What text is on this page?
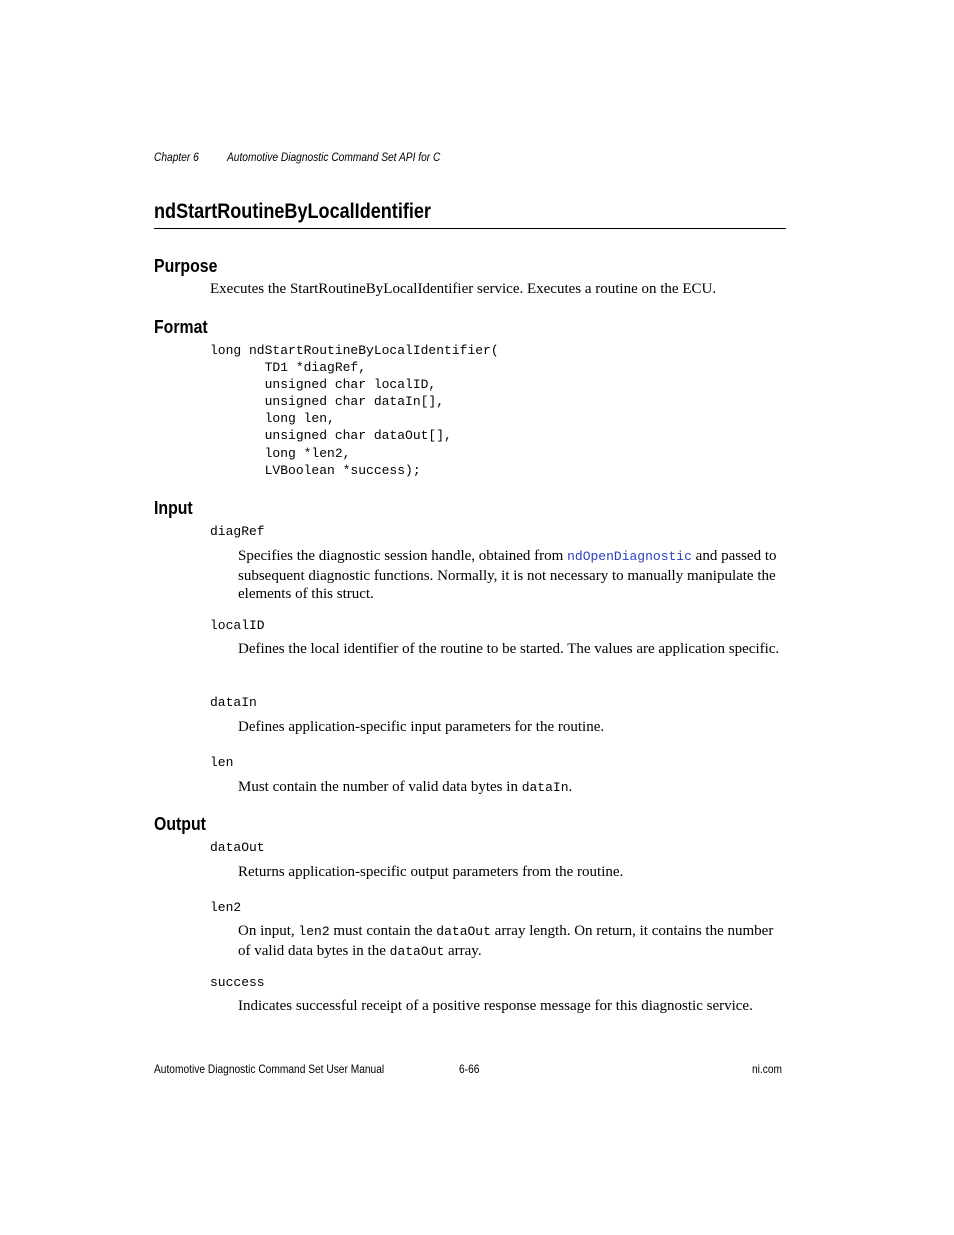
Chapter 6 Automotive Diagnostic Command Set API for C
ndStartRoutineByLocalIdentifier
Purpose
Executes the StartRoutineByLocalIdentifier service. Executes a routine on the ECU.
Format
long ndStartRoutineByLocalIdentifier(
TD1 *diagRef,
unsigned char localID,
unsigned char dataIn[],
long len,
unsigned char dataOut[],
long *len2,
LVBoolean *success);
Input
diagRef
Specifies the diagnostic session handle, obtained from ndOpenDiagnostic and passed to subsequent diagnostic functions. Normally, it is not necessary to manually manipulate the elements of this struct.
localID
Defines the local identifier of the routine to be started. The values are application specific.
dataIn
Defines application-specific input parameters for the routine.
len
Must contain the number of valid data bytes in dataIn.
Output
dataOut
Returns application-specific output parameters from the routine.
len2
On input, len2 must contain the dataOut array length. On return, it contains the number of valid data bytes in the dataOut array.
success
Indicates successful receipt of a positive response message for this diagnostic service.
Automotive Diagnostic Command Set User Manual	6-66	ni.com
